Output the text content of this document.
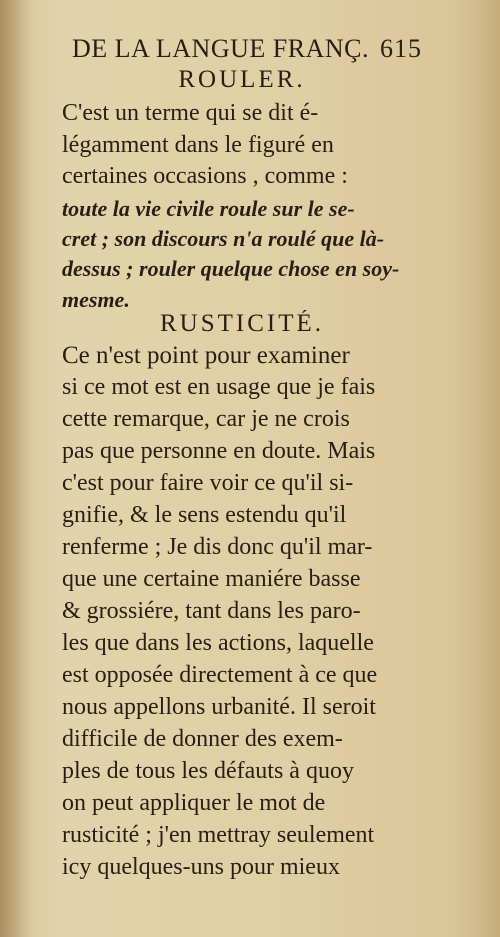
DE LA LANGUE FRANÇ. 615
ROULER.
C'est un terme qui se dit é-
légamment dans le figuré en
certaines occasions , comme :
toute la vie civile roule sur le se-
cret ; son discours n'a roulé que là-
dessus ; rouler quelque chose en soy-
mesme.
RUSTICITÉ.
Ce n'est point pour examiner
si ce mot est en usage que je fais
cette remarque, car je ne crois
pas que personne en doute. Mais
c'est pour faire voir ce qu'il si-
gnifie, & le sens estendu qu'il
renferme ; Je dis donc qu'il mar-
que une certaine maniére basse
& grossiére, tant dans les paro-
les que dans les actions, laquelle
est opposée directement à ce que
nous appellons urbanité. Il seroit
difficile de donner des exem-
ples de tous les défauts à quoy
on peut appliquer le mot de
rusticité ; j'en mettray seulement
icy quelques-uns pour mieux
